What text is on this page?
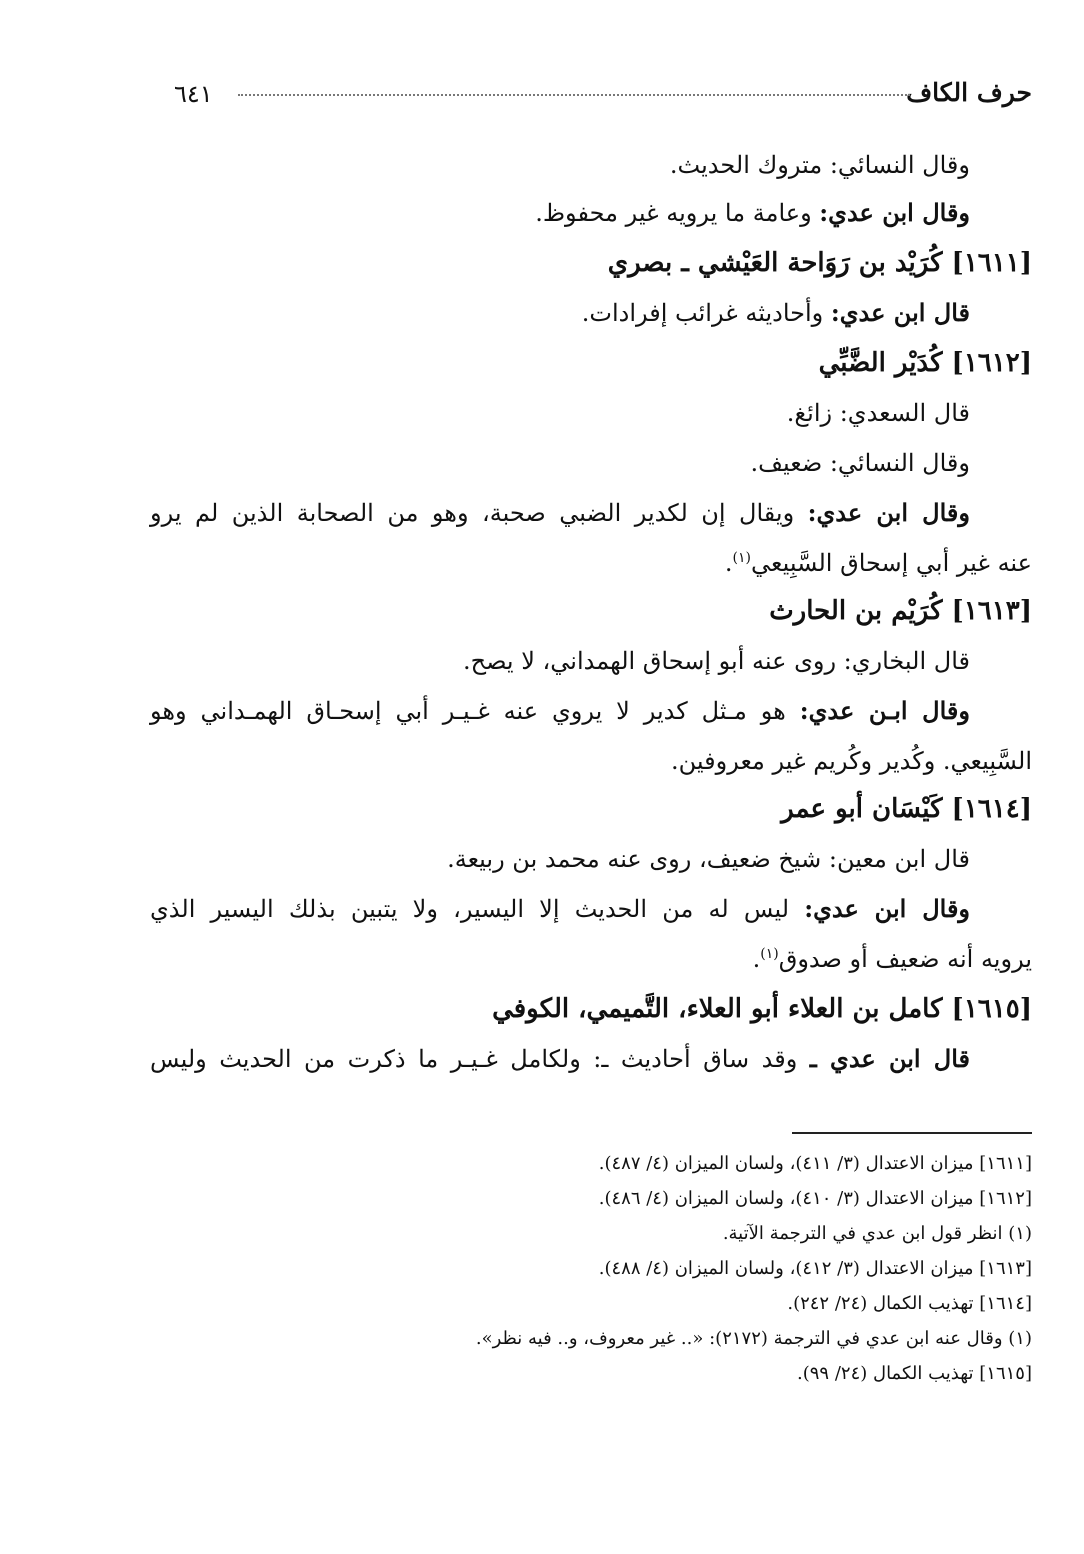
حرف الكاف
٦٤١
وقال النسائي: متروك الحديث.
وقال ابن عدي: وعامة ما يرويه غير محفوظ.
[١٦١١] كُرَيْد بن رَوَاحة العَيْشي ـ بصري
قال ابن عدي: وأحاديثه غرائب إفرادات.
[١٦١٢] كُدَيْر الضَّبِّي
قال السعدي: زائغ.
وقال النسائي: ضعيف.
وقال ابن عدي: ويقال إن لكدير الضبي صحبة، وهو من الصحابة الذين لم يرو
عنه غير أبي إسحاق السَّبِيعي$^{(١)}$.
[١٦١٣] كُرَيْم بن الحارث
قال البخاري: روى عنه أبو إسحاق الهمداني، لا يصح.
وقال ابـن عدي: هو مـثل كدير لا يروي عنه غـيـر أبي إسحـاق الهمـداني وهو
السَّبِيعي. وكُدير وكُريم غير معروفين.
[١٦١٤] كَيْسَان أبو عمر
قال ابن معين: شيخ ضعيف، روى عنه محمد بن ربيعة.
وقال ابن عدي: ليس له من الحديث إلا اليسير، ولا يتبين بذلك اليسير الذي
يرويه أنه ضعيف أو صدوق$^{(١)}$.
[١٦١٥] كامل بن العلاء أبو العلاء، التَّميمي، الكوفي
قال ابن عدي ـ وقد ساق أحاديث ـ: ولكامل غـيـر ما ذكرت من الحديث وليس
[١٦١١] ميزان الاعتدال (٣/ ٤١١)، ولسان الميزان (٤/ ٤٨٧).
[١٦١٢] ميزان الاعتدال (٣/ ٤١٠)، ولسان الميزان (٤/ ٤٨٦).
(١) انظر قول ابن عدي في الترجمة الآتية.
[١٦١٣] ميزان الاعتدال (٣/ ٤١٢)، ولسان الميزان (٤/ ٤٨٨).
[١٦١٤] تهذيب الكمال (٢٤/ ٢٤٢).
(١) وقال عنه ابن عدي في الترجمة (٢١٧٢): «.. غير معروف، و.. فيه نظر».
[١٦١٥] تهذيب الكمال (٢٤/ ٩٩).
